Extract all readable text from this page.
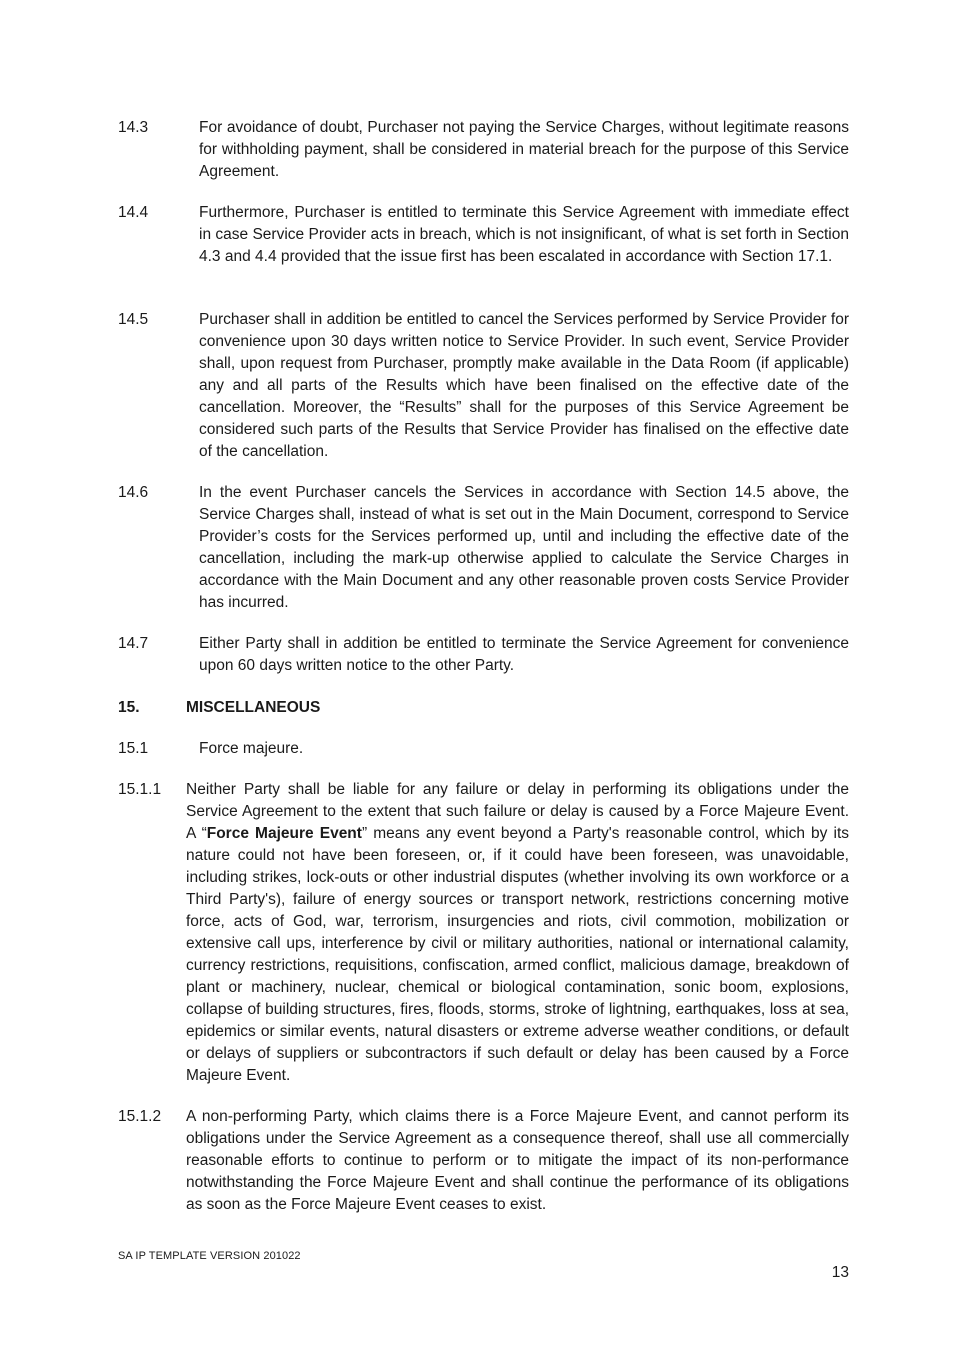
14.3	For avoidance of doubt, Purchaser not paying the Service Charges, without legitimate reasons for withholding payment, shall be considered in material breach for the purpose of this Service Agreement.
14.4	Furthermore, Purchaser is entitled to terminate this Service Agreement with immediate effect in case Service Provider acts in breach, which is not insignificant, of what is set forth in Section 4.3 and 4.4 provided that the issue first has been escalated in accordance with Section 17.1.
14.5	Purchaser shall in addition be entitled to cancel the Services performed by Service Provider for convenience upon 30 days written notice to Service Provider. In such event, Service Provider shall, upon request from Purchaser, promptly make available in the Data Room (if applicable) any and all parts of the Results which have been finalised on the effective date of the cancellation. Moreover, the “Results” shall for the purposes of this Service Agreement be considered such parts of the Results that Service Provider has finalised on the effective date of the cancellation.
14.6	In the event Purchaser cancels the Services in accordance with Section 14.5 above, the Service Charges shall, instead of what is set out in the Main Document, correspond to Service Provider’s costs for the Services performed up, until and including the effective date of the cancellation, including the mark-up otherwise applied to calculate the Service Charges in accordance with the Main Document and any other reasonable proven costs Service Provider has incurred.
14.7	Either Party shall in addition be entitled to terminate the Service Agreement for convenience upon 60 days written notice to the other Party.
15.	MISCELLANEOUS
15.1	Force majeure.
15.1.1 Neither Party shall be liable for any failure or delay in performing its obligations under the Service Agreement to the extent that such failure or delay is caused by a Force Majeure Event. A “Force Majeure Event” means any event beyond a Party's reasonable control, which by its nature could not have been foreseen, or, if it could have been foreseen, was unavoidable, including strikes, lock-outs or other industrial disputes (whether involving its own workforce or a Third Party's), failure of energy sources or transport network, restrictions concerning motive force, acts of God, war, terrorism, insurgencies and riots, civil commotion, mobilization or extensive call ups, interference by civil or military authorities, national or international calamity, currency restrictions, requisitions, confiscation, armed conflict, malicious damage, breakdown of plant or machinery, nuclear, chemical or biological contamination, sonic boom, explosions, collapse of building structures, fires, floods, storms, stroke of lightning, earthquakes, loss at sea, epidemics or similar events, natural disasters or extreme adverse weather conditions, or default or delays of suppliers or subcontractors if such default or delay has been caused by a Force Majeure Event.
15.1.2 A non-performing Party, which claims there is a Force Majeure Event, and cannot perform its obligations under the Service Agreement as a consequence thereof, shall use all commercially reasonable efforts to continue to perform or to mitigate the impact of its non-performance notwithstanding the Force Majeure Event and shall continue the performance of its obligations as soon as the Force Majeure Event ceases to exist.
SA IP TEMPLATE VERSION 201022
13
